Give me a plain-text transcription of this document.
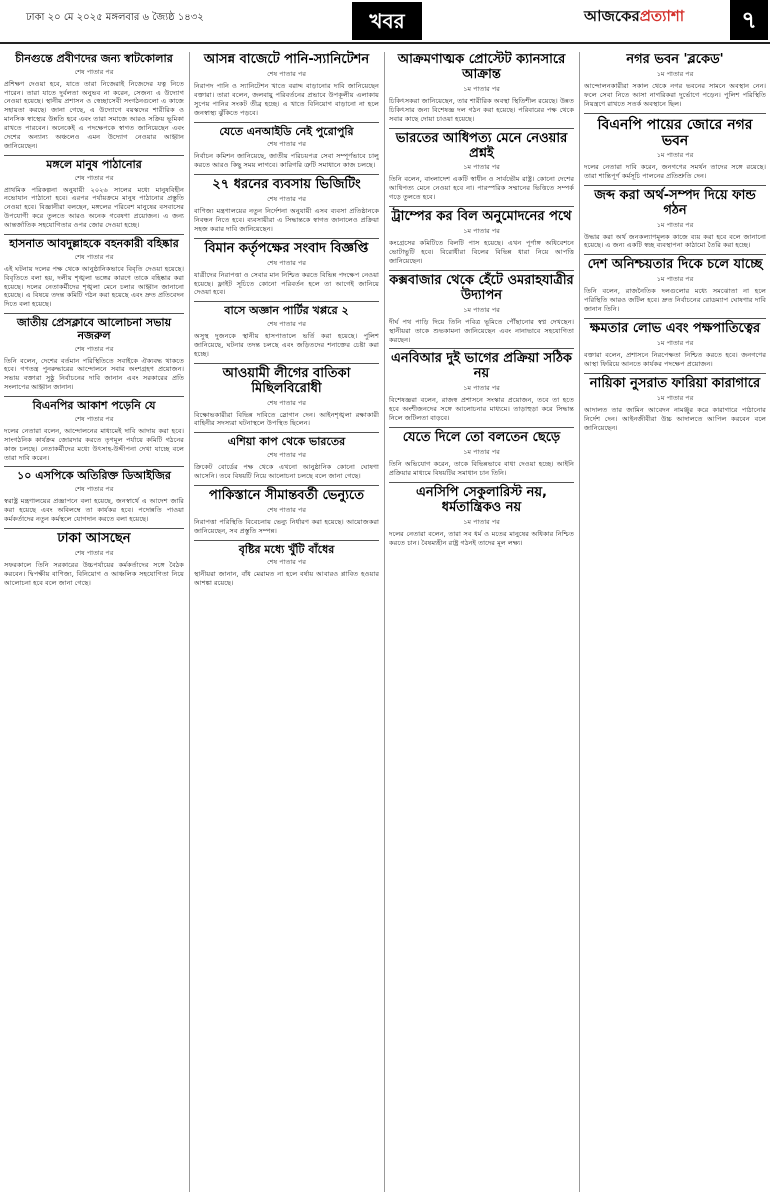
ঢাকা ২০ মে ২০২৫ মঙ্গলবার ৬ জ্যৈষ্ঠ ১৪৩২	খবর	আজকেরপ্রত্যাশা	৭
চীনগুন্তে প্রবীণদের জন্য স্বাটকোলার
শেষ পাতার পর
প্রশিক্ষণ দেওয়া হবে, যাতে তারা নিজেরাই নিজেদের যত্ন নিতে পারেন। তারা যাতে দুর্বলতা অনুভব না করেন, সেজন্য এ উদ্যোগ নেওয়া হয়েছে। স্থানীয় প্রশাসন ও স্বেচ্ছাসেবী সংগঠনগুলো এ কাজে সহায়তা করছে। জানা গেছে, এ উদ্যোগে বয়স্কদের শারীরিক ও মানসিক স্বাস্থ্যের উন্নতি হবে এবং তারা সমাজে আরও সক্রিয় ভূমিকা রাখতে পারবেন। অনেকেই এ পদক্ষেপকে স্বাগত জানিয়েছেন এবং দেশের অন্যান্য অঞ্চলেও এমন উদ্যোগ নেওয়ার আহ্বান জানিয়েছেন।
মঙ্গলে মানুষ পাঠানোর
শেষ পাতার পর
প্রাথমিক পরিকল্পনা অনুযায়ী ২০২৬ সালের মধ্যে মানুষবিহীন নভোযান পাঠানো হবে। এরপর পর্যায়ক্রমে মানুষ পাঠানোর প্রস্তুতি নেওয়া হবে। বিজ্ঞানীরা বলছেন, মঙ্গলের পরিবেশ মানুষের বসবাসের উপযোগী করে তুলতে আরও অনেক গবেষণা প্রয়োজন। এ জন্য আন্তর্জাতিক সহযোগিতার ওপর জোর দেওয়া হচ্ছে।
হাসনাত আবদুল্লাহকে বহনকারী বহিষ্কার
শেষ পাতার পর
এই ঘটনায় দলের পক্ষ থেকে আনুষ্ঠানিকভাবে বিবৃতি দেওয়া হয়েছে। বিবৃতিতে বলা হয়, দলীয় শৃঙ্খলা ভঙ্গের কারণে তাকে বহিষ্কার করা হয়েছে। দলের নেতাকর্মীদের শৃঙ্খলা মেনে চলার আহ্বান জানানো হয়েছে। এ বিষয়ে তদন্ত কমিটি গঠন করা হয়েছে এবং দ্রুত প্রতিবেদন দিতে বলা হয়েছে।
জাতীয় প্রেসক্লাবে আলোচনা সভায় নজরুল
শেষ পাতার পর
তিনি বলেন, দেশের বর্তমান পরিস্থিতিতে সবাইকে ঐক্যবদ্ধ থাকতে হবে। গণতন্ত্র পুনরুদ্ধারের আন্দোলনে সবার অংশগ্রহণ প্রয়োজন। সভায় বক্তারা সুষ্ঠু নির্বাচনের দাবি জানান এবং সরকারের প্রতি সংলাপের আহ্বান জানান।
বিএনপির আকাশ পড়েনি যে
শেষ পাতার পর
দলের নেতারা বলেন, আন্দোলনের মাধ্যমেই দাবি আদায় করা হবে। সাংগঠনিক কার্যক্রম জোরদার করতে তৃণমূল পর্যায়ে কমিটি গঠনের কাজ চলছে। নেতাকর্মীদের মধ্যে উৎসাহ-উদ্দীপনা দেখা যাচ্ছে বলে তারা দাবি করেন।
১০ এসপিকে অতিরিক্ত ডিআইজির
শেষ পাতার পর
স্বরাষ্ট্র মন্ত্রণালয়ের প্রজ্ঞাপনে বলা হয়েছে, জনস্বার্থে এ আদেশ জারি করা হয়েছে এবং অবিলম্বে তা কার্যকর হবে। পদোন্নতি পাওয়া কর্মকর্তাদের নতুন কর্মস্থলে যোগদান করতে বলা হয়েছে।
ঢাকা আসছেন
শেষ পাতার পর
সফরকালে তিনি সরকারের উচ্চপর্যায়ের কর্মকর্তাদের সঙ্গে বৈঠক করবেন। দ্বিপক্ষীয় বাণিজ্য, বিনিয়োগ ও আঞ্চলিক সহযোগিতা নিয়ে আলোচনা হবে বলে জানা গেছে।
আসন্ন বাজেটে পানি-স্যানিটেশন
শেষ পাতার পর
নিরাপদ পানি ও স্যানিটেশন খাতে বরাদ্দ বাড়ানোর দাবি জানিয়েছেন বক্তারা। তারা বলেন, জলবায়ু পরিবর্তনের প্রভাবে উপকূলীয় এলাকায় সুপেয় পানির সংকট তীব্র হচ্ছে। এ খাতে বিনিয়োগ বাড়ানো না হলে জনস্বাস্থ্য ঝুঁকিতে পড়বে।
যেতে এনআইডি নেই পুরোপুরি
শেষ পাতার পর
নির্বাচন কমিশন জানিয়েছে, জাতীয় পরিচয়পত্র সেবা সম্পূর্ণভাবে চালু করতে আরও কিছু সময় লাগবে। কারিগরি ত্রুটি সমাধানে কাজ চলছে।
২৭ ধরনের ব্যবসায় ভিজিটিং
শেষ পাতার পর
বাণিজ্য মন্ত্রণালয়ের নতুন নির্দেশনা অনুযায়ী এসব ব্যবসা প্রতিষ্ঠানকে নিবন্ধন নিতে হবে। ব্যবসায়ীরা এ সিদ্ধান্তকে স্বাগত জানালেও প্রক্রিয়া সহজ করার দাবি জানিয়েছেন।
বিমান কর্তৃপক্ষের সংবাদ বিজ্ঞপ্তি
শেষ পাতার পর
যাত্রীদের নিরাপত্তা ও সেবার মান নিশ্চিত করতে বিভিন্ন পদক্ষেপ নেওয়া হয়েছে। ফ্লাইট সূচিতে কোনো পরিবর্তন হলে তা আগেই জানিয়ে দেওয়া হবে।
বাসে অজ্ঞান পার্টির খপ্পরে ২
শেষ পাতার পর
অসুস্থ দুজনকে স্থানীয় হাসপাতালে ভর্তি করা হয়েছে। পুলিশ জানিয়েছে, ঘটনার তদন্ত চলছে এবং জড়িতদের শনাক্তের চেষ্টা করা হচ্ছে।
আওয়ামী লীগের বাতিকা মিছিলবিরোধী
শেষ পাতার পর
বিক্ষোভকারীরা বিভিন্ন দাবিতে স্লোগান দেন। আইনশৃঙ্খলা রক্ষাকারী বাহিনীর সদস্যরা ঘটনাস্থলে উপস্থিত ছিলেন।
এশিয়া কাপ থেকে ভারতের
শেষ পাতার পর
ক্রিকেট বোর্ডের পক্ষ থেকে এখনো আনুষ্ঠানিক কোনো ঘোষণা আসেনি। তবে বিষয়টি নিয়ে আলোচনা চলছে বলে জানা গেছে।
পাকিস্তানে সীমান্তবর্তী ভেন্যুতে
শেষ পাতার পর
নিরাপত্তা পরিস্থিতি বিবেচনায় ভেন্যু নির্ধারণ করা হয়েছে। আয়োজকরা জানিয়েছেন, সব প্রস্তুতি সম্পন্ন।
বৃষ্টির মধ্যে খুঁটি বাঁধের
শেষ পাতার পর
স্থানীয়রা জানান, বাঁধ মেরামত না হলে বর্ষায় আবারও প্লাবিত হওয়ার আশঙ্কা রয়েছে।
আক্রমণাত্মক প্রোস্টেট ক্যানসারে আক্রান্ত
১ম পাতার পর
চিকিৎসকরা জানিয়েছেন, তার শারীরিক অবস্থা স্থিতিশীল রয়েছে। উন্নত চিকিৎসার জন্য বিশেষজ্ঞ দল গঠন করা হয়েছে। পরিবারের পক্ষ থেকে সবার কাছে দোয়া চাওয়া হয়েছে।
ভারতের আধিপত্য মেনে নেওয়ার প্রশ্নই
১ম পাতার পর
তিনি বলেন, বাংলাদেশ একটি স্বাধীন ও সার্বভৌম রাষ্ট্র। কোনো দেশের আধিপত্য মেনে নেওয়া হবে না। পারস্পরিক সম্মানের ভিত্তিতে সম্পর্ক গড়ে তুলতে হবে।
ট্রাম্পের কর বিল অনুমোদনের পথে
১ম পাতার পর
কংগ্রেসের কমিটিতে বিলটি পাস হয়েছে। এখন পূর্ণাঙ্গ অধিবেশনে ভোটাভুটি হবে। বিরোধীরা বিলের বিভিন্ন ধারা নিয়ে আপত্তি জানিয়েছেন।
কক্সবাজার থেকে হেঁটে ওমরাহযাত্রীর উদ্যাপন
১ম পাতার পর
দীর্ঘ পথ পাড়ি দিয়ে তিনি পবিত্র ভূমিতে পৌঁছানোর স্বপ্ন দেখছেন। স্থানীয়রা তাকে শুভকামনা জানিয়েছেন এবং নানাভাবে সহযোগিতা করছেন।
এনবিআর দুই ভাগের প্রক্রিয়া সঠিক নয়
১ম পাতার পর
বিশেষজ্ঞরা বলেন, রাজস্ব প্রশাসনে সংস্কার প্রয়োজন, তবে তা হতে হবে অংশীজনদের সঙ্গে আলোচনার মাধ্যমে। তাড়াহুড়া করে সিদ্ধান্ত নিলে জটিলতা বাড়বে।
যেতে দিলে তো বলতেন ছেড়ে
১ম পাতার পর
তিনি অভিযোগ করেন, তাকে বিভিন্নভাবে বাধা দেওয়া হচ্ছে। আইনি প্রক্রিয়ার মাধ্যমে বিষয়টির সমাধান চান তিনি।
এনসিপি সেকুলারিস্ট নয়, ধর্মতান্ত্রিকও নয়
১ম পাতার পর
দলের নেতারা বলেন, তারা সব ধর্ম ও মতের মানুষের অধিকার নিশ্চিত করতে চান। বৈষম্যহীন রাষ্ট্র গঠনই তাদের মূল লক্ষ্য।
নগর ভবন 'ব্লকেড'
১ম পাতার পর
আন্দোলনকারীরা সকাল থেকে নগর ভবনের সামনে অবস্থান নেন। ফলে সেবা নিতে আসা নাগরিকরা দুর্ভোগে পড়েন। পুলিশ পরিস্থিতি নিয়ন্ত্রণে রাখতে সতর্ক অবস্থানে ছিল।
বিএনপি পায়ের জোরে নগর ভবন
১ম পাতার পর
দলের নেতারা দাবি করেন, জনগণের সমর্থন তাদের সঙ্গে রয়েছে। তারা শান্তিপূর্ণ কর্মসূচি পালনের প্রতিশ্রুতি দেন।
জব্দ করা অর্থ-সম্পদ দিয়ে ফান্ড গঠন
১ম পাতার পর
উদ্ধার করা অর্থ জনকল্যাণমূলক কাজে ব্যয় করা হবে বলে জানানো হয়েছে। এ জন্য একটি স্বচ্ছ ব্যবস্থাপনা কাঠামো তৈরি করা হচ্ছে।
দেশ অনিশ্চয়তার দিকে চলে যাচ্ছে
১ম পাতার পর
তিনি বলেন, রাজনৈতিক দলগুলোর মধ্যে সমঝোতা না হলে পরিস্থিতি আরও জটিল হবে। দ্রুত নির্বাচনের রোডম্যাপ ঘোষণার দাবি জানান তিনি।
ক্ষমতার লোভ এবং পক্ষপাতিত্বের
১ম পাতার পর
বক্তারা বলেন, প্রশাসনে নিরপেক্ষতা নিশ্চিত করতে হবে। জনগণের আস্থা ফিরিয়ে আনতে কার্যকর পদক্ষেপ প্রয়োজন।
নায়িকা নুসরাত ফারিয়া কারাগারে
১ম পাতার পর
আদালত তার জামিন আবেদন নামঞ্জুর করে কারাগারে পাঠানোর নির্দেশ দেন। আইনজীবীরা উচ্চ আদালতে আপিল করবেন বলে জানিয়েছেন।
